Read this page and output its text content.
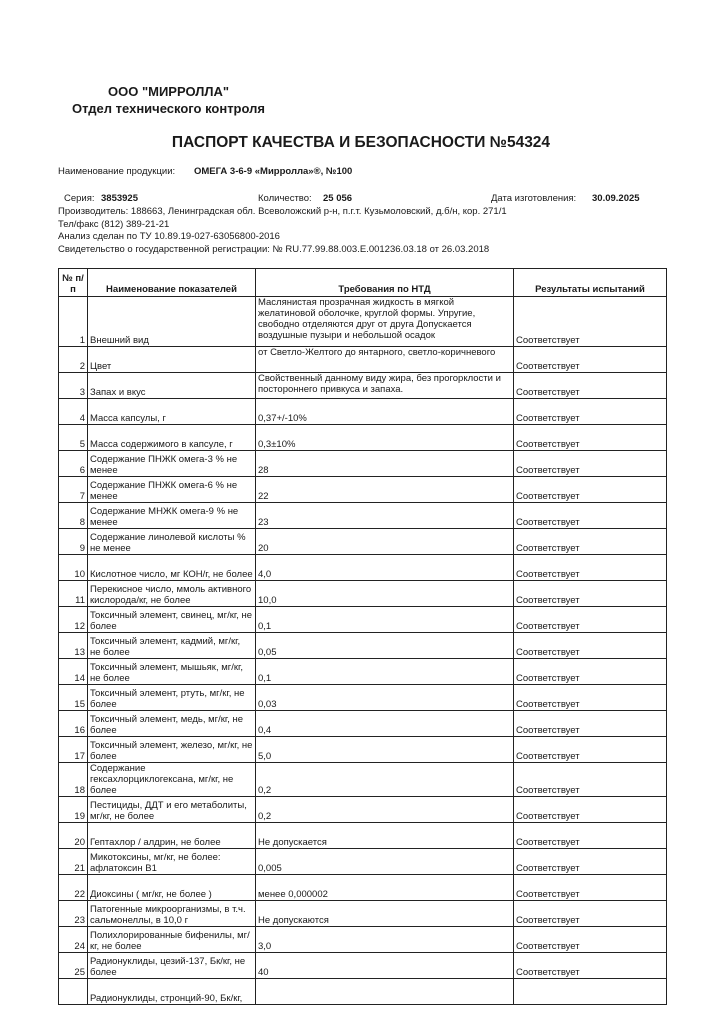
ООО "МИРРОЛЛА"
Отдел технического контроля
ПАСПОРТ КАЧЕСТВА И БЕЗОПАСНОСТИ №54324
Наименование продукции: ОМЕГА 3-6-9 «Мирролла»®, №100
Серия: 3853925	Количество: 25 056	Дата изготовления: 30.09.2025
Производитель: 188663, Ленинградская обл. Всеволожский р-н, п.г.т. Кузьмоловский, д.б/н, кор. 271/1
Тел/факс (812) 389-21-21
Анализ сделан по ТУ 10.89.19-027-63056800-2016
Свидетельство о государственной регистрации: № RU.77.99.88.003.Е.001236.03.18 от 26.03.2018
№ п/п	Наименование показателей	Требования по НТД	Результаты испытаний
1	Внешний вид	Маслянистая прозрачная жидкость в мягкой желатиновой оболочке, круглой формы. Упругие, свободно отделяются друг от друга Допускается воздушные пузыри и небольшой осадок	Соответствует
2	Цвет	от Светло-Желтого до янтарного, светло-коричневого	Соответствует
3	Запах и вкус	Свойственный данному виду жира, без прогорклости и постороннего привкуса и запаха.	Соответствует
4	Масса капсулы, г	0,37+/-10%	Соответствует
5	Масса содержимого в капсуле, г	0,3±10%	Соответствует
6	Содержание ПНЖК омега-3 % не менее	28	Соответствует
7	Содержание ПНЖК омега-6 % не менее	22	Соответствует
8	Содержание МНЖК омега-9 % не менее	23	Соответствует
9	Содержание линолевой кислоты % не менее	20	Соответствует
10	Кислотное число, мг КОН/г, не более	4,0	Соответствует
11	Перекисное число, ммоль активного кислорода/кг, не более	10,0	Соответствует
12	Токсичный элемент, свинец, мг/кг, не более	0,1	Соответствует
13	Токсичный элемент, кадмий, мг/кг, не более	0,05	Соответствует
14	Токсичный элемент, мышьяк, мг/кг, не более	0,1	Соответствует
15	Токсичный элемент, ртуть, мг/кг, не более	0,03	Соответствует
16	Токсичный элемент, медь, мг/кг, не более	0,4	Соответствует
17	Токсичный элемент, железо, мг/кг, не более	5,0	Соответствует
18	Содержание гексахлорциклогексана, мг/кг, не более	0,2	Соответствует
19	Пестициды, ДДТ и его метаболиты, мг/кг, не более	0,2	Соответствует
20	Гептахлор / алдрин, не более	Не допускается	Соответствует
21	Микотоксины, мг/кг, не более: афлатоксин В1	0,005	Соответствует
22	Диоксины ( мг/кг, не более )	менее 0,000002	Соответствует
23	Патогенные микроорганизмы, в т.ч. сальмонеллы, в 10,0 г	Не допускаются	Соответствует
24	Полихлорированные бифенилы, мг/кг, не более	3,0	Соответствует
25	Радионуклиды, цезий-137, Бк/кг, не более	40	Соответствует
	Радионуклиды, стронций-90, Бк/кг,		
